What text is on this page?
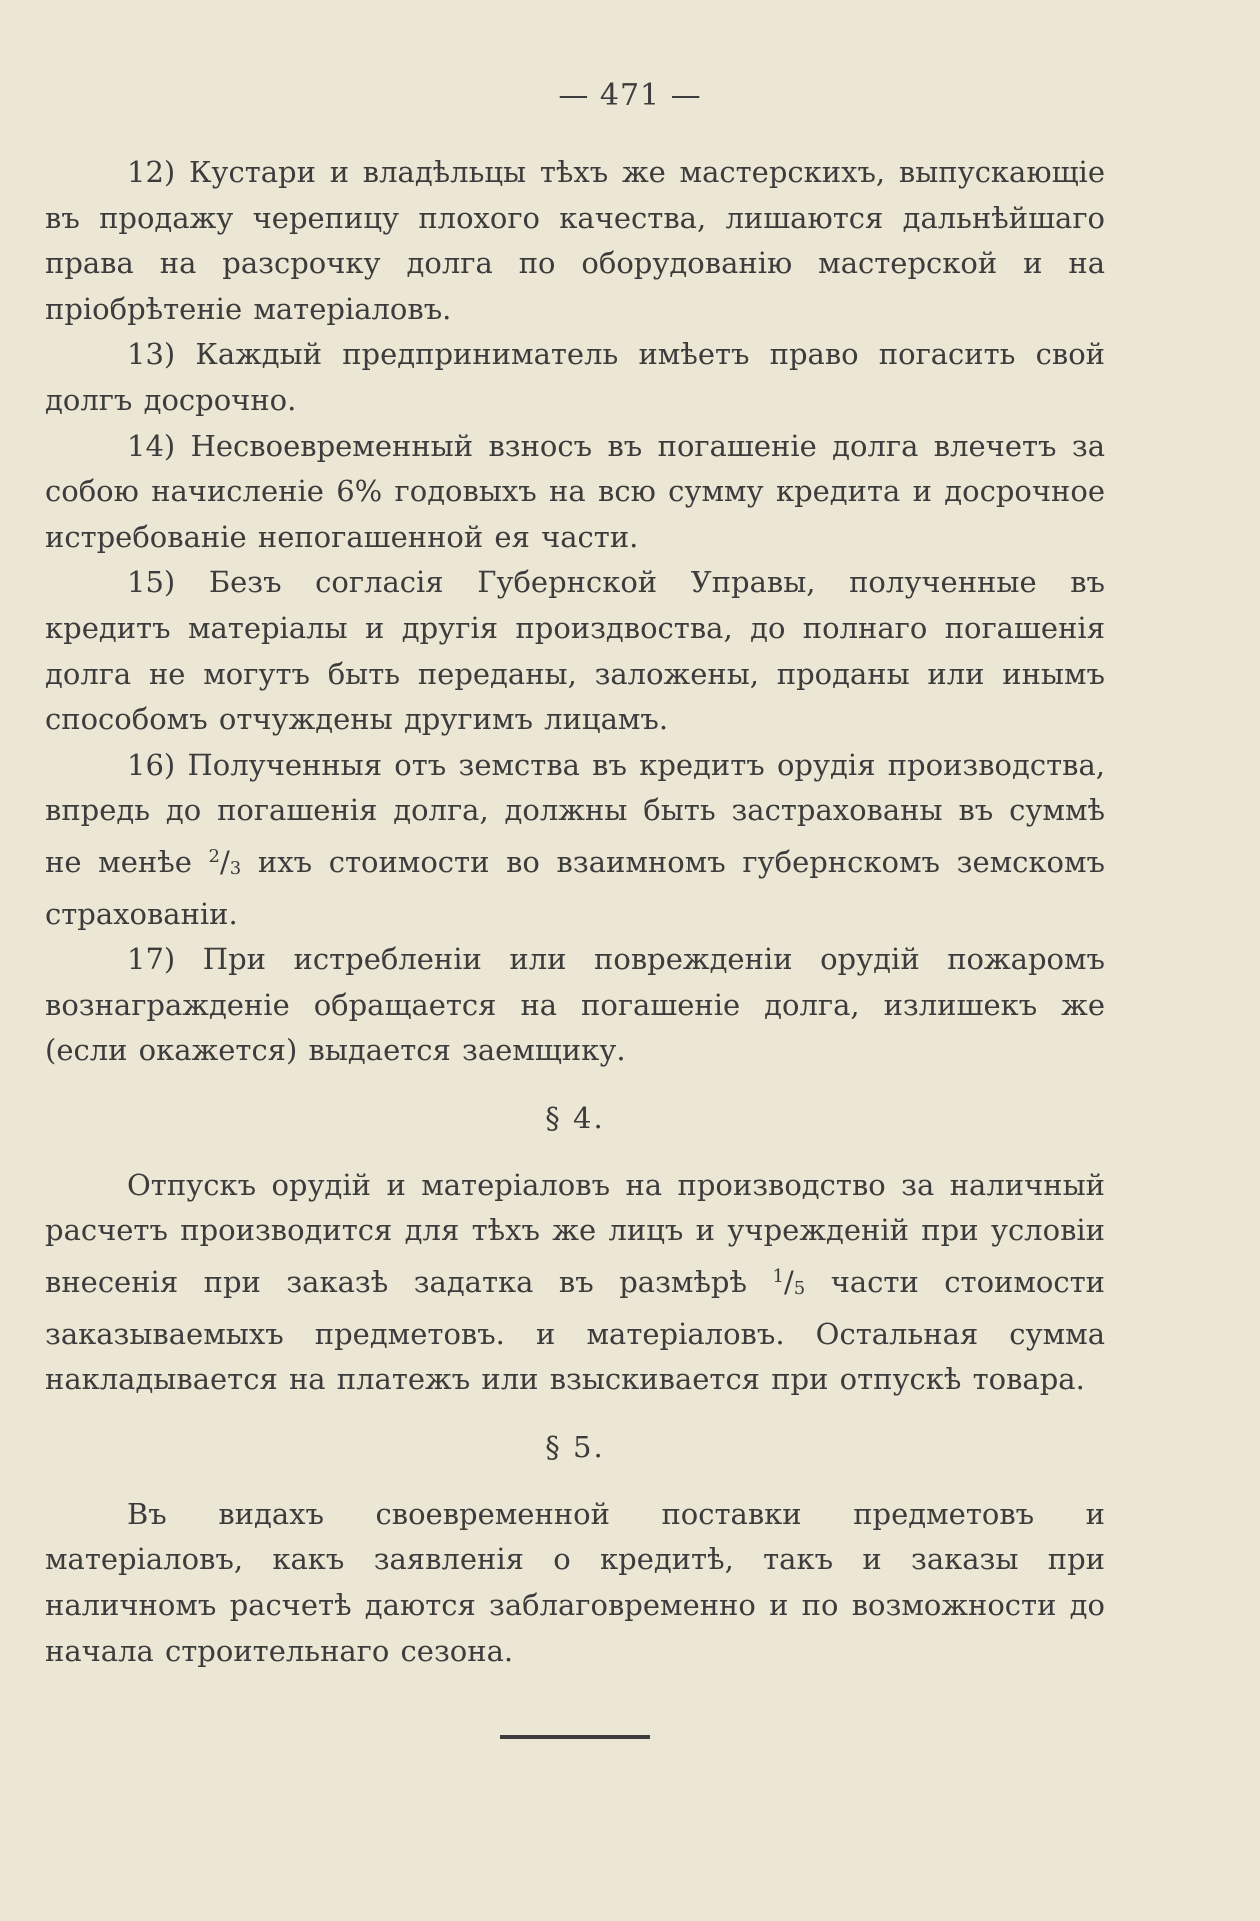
— 471 —

12) Кустари и владѣльцы тѣхъ же мастерскихъ, выпускающіе въ продажу черепицу плохого качества, лишаются дальнѣйшаго права на разсрочку долга по оборудованію мастерской и на пріобрѣтеніе матеріаловъ.

13) Каждый предприниматель имѣетъ право погасить свой долгъ досрочно.

14) Несвоевременный взносъ въ погашеніе долга влечетъ за собою начисленіе 6% годовыхъ на всю сумму кредита и досрочное истребованіе непогашенной ея части.

15) Безъ согласія Губернской Управы, полученные въ кредитъ матеріалы и другія произдвоства, до полнаго погашенія долга не могутъ быть переданы, заложены, проданы или инымъ способомъ отчуждены другимъ лицамъ.

16) Полученныя отъ земства въ кредитъ орудія производства, впредь до погашенія долга, должны быть застрахованы въ суммѣ не менѣе $^2$/3 ихъ стоимости во взаимномъ губернскомъ земскомъ страхованіи.

17) При истребленіи или поврежденіи орудій пожаромъ вознагражденіе обращается на погашеніе долга, излишекъ же (если окажется) выдается заемщику.

§ 4.

Отпускъ орудій и матеріаловъ на производство за наличный расчетъ производится для тѣхъ же лицъ и учрежденій при условіи внесенія при заказѣ задатка въ размѣрѣ $^1$/5 части стоимости заказываемыхъ предметовъ. и матеріаловъ. Остальная сумма накладывается на платежъ или взыскивается при отпускѣ товара.

§ 5.

Въ видахъ своевременной поставки предметовъ и матеріаловъ, какъ заявленія о кредитѣ, такъ и заказы при наличномъ расчетѣ даются заблаговременно и по возможности до начала строительнаго сезона.
